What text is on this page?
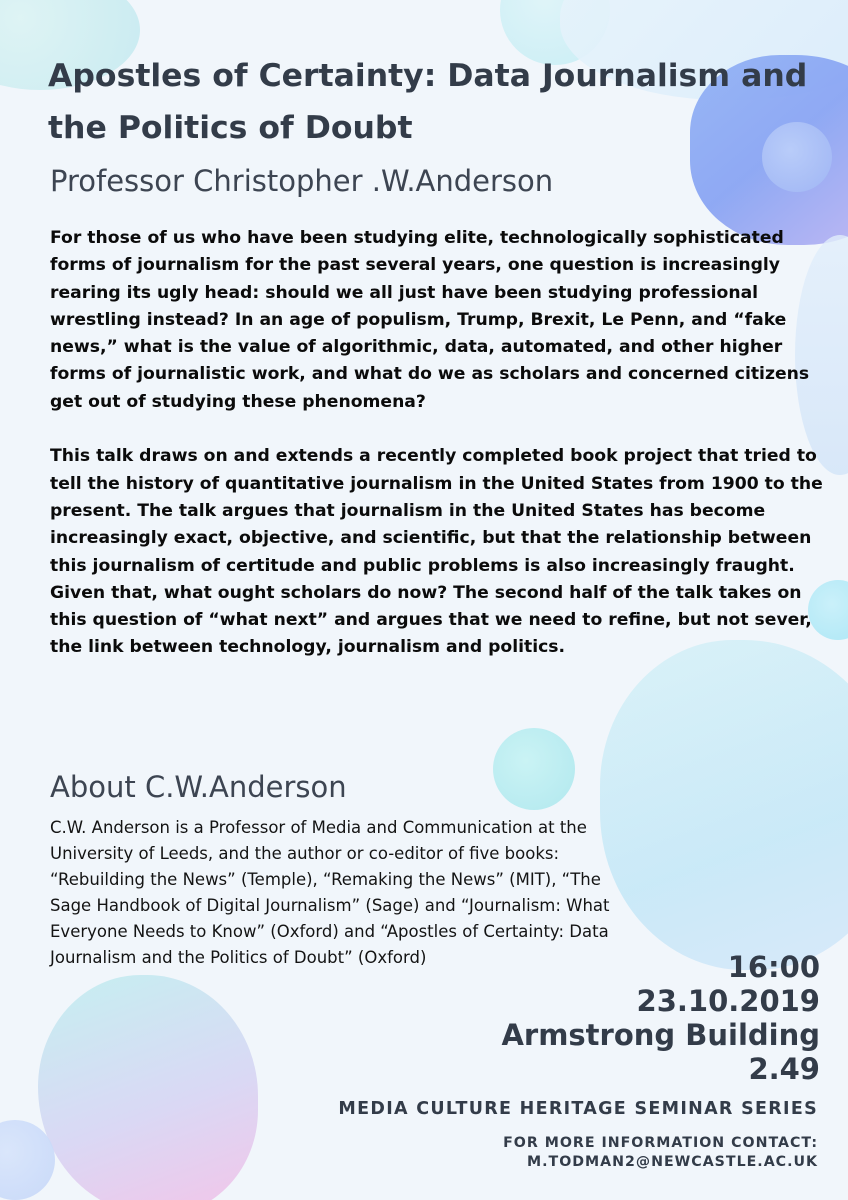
Apostles of Certainty: Data Journalism and the Politics of Doubt
Professor Christopher .W.Anderson

For those of us who have been studying elite, technologically sophisticated forms of journalism for the past several years, one question is increasingly rearing its ugly head: should we all just have been studying professional wrestling instead? In an age of populism, Trump, Brexit, Le Penn, and “fake news,” what is the value of algorithmic, data, automated, and other higher forms of journalistic work, and what do we as scholars and concerned citizens get out of studying these phenomena?

This talk draws on and extends a recently completed book project that tried to tell the history of quantitative journalism in the United States from 1900 to the present. The talk argues that journalism in the United States has become increasingly exact, objective, and scientific, but that the relationship between this journalism of certitude and public problems is also increasingly fraught. Given that, what ought scholars do now? The second half of the talk takes on this question of “what next” and argues that we need to refine, but not sever, the link between technology, journalism and politics.

About C.W.Anderson

C.W. Anderson is a Professor of Media and Communication at the University of Leeds, and the author or co-editor of five books: “Rebuilding the News” (Temple), “Remaking the News” (MIT), “The Sage Handbook of Digital Journalism” (Sage) and “Journalism: What Everyone Needs to Know” (Oxford) and “Apostles of Certainty: Data Journalism and the Politics of Doubt” (Oxford)	16:00
23.10.2019
Armstrong Building
2.49
MEDIA CULTURE HERITAGE SEMINAR SERIES
FOR MORE INFORMATION CONTACT:
M.TODMAN2@NEWCASTLE.AC.UK
